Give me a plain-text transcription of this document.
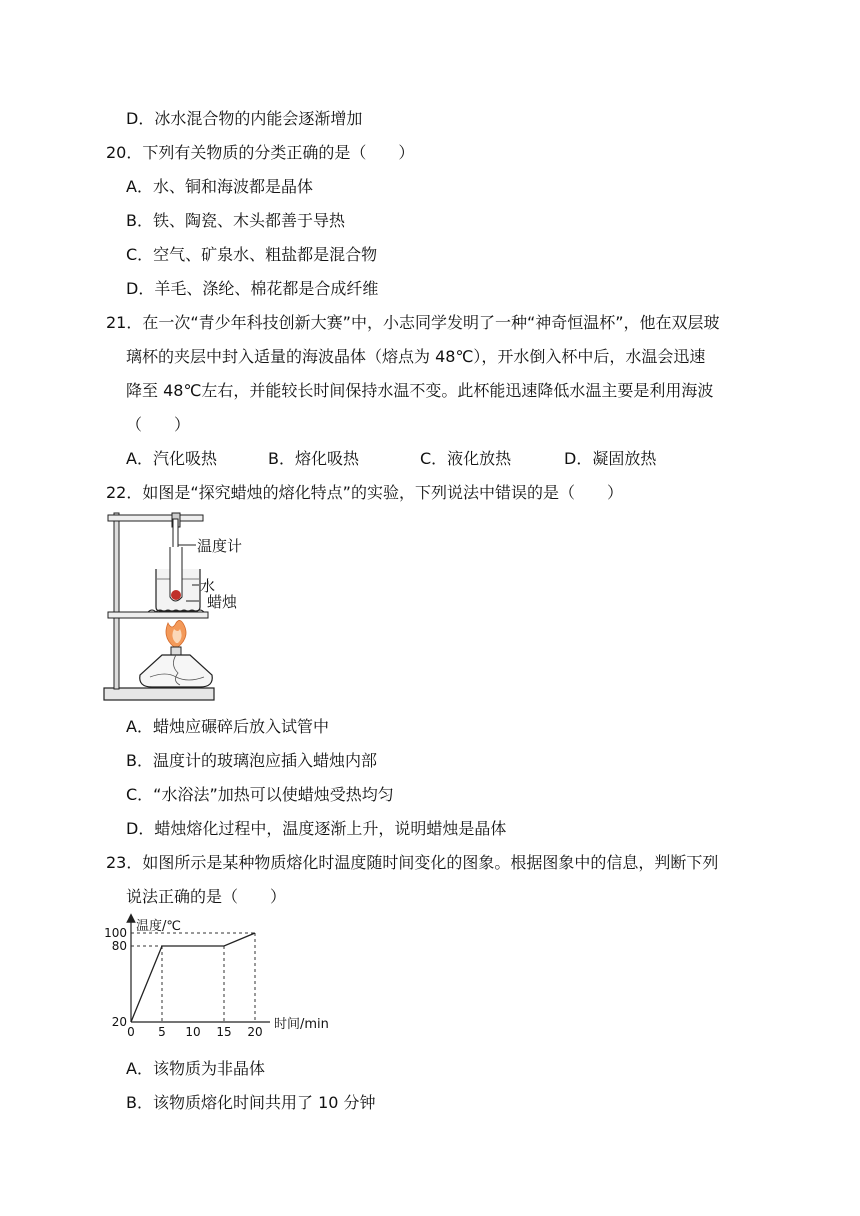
D．冰水混合物的内能会逐渐增加
20．下列有关物质的分类正确的是（　　）
A．水、铜和海波都是晶体
B．铁、陶瓷、木头都善于导热
C．空气、矿泉水、粗盐都是混合物
D．羊毛、涤纶、棉花都是合成纤维
21．在一次“青少年科技创新大赛”中，小志同学发明了一种“神奇恒温杯”，他在双层玻
璃杯的夹层中封入适量的海波晶体（熔点为 48℃），开水倒入杯中后，水温会迅速
降至 48℃左右，并能较长时间保持水温不变。此杯能迅速降低水温主要是利用海波
（　　）
A．汽化吸热	B．熔化吸热	C．液化放热	D．凝固放热
22．如图是“探究蜡烛的熔化特点”的实验，下列说法中错误的是（　　）
温度计
水
蜡烛
A．蜡烛应碾碎后放入试管中
B．温度计的玻璃泡应插入蜡烛内部
C．“水浴法”加热可以使蜡烛受热均匀
D．蜡烛熔化过程中，温度逐渐上升，说明蜡烛是晶体
23．如图所示是某种物质熔化时温度随时间变化的图象。根据图象中的信息，判断下列
说法正确的是（　　）
温度/℃
时间/min
0 5 10 15 20
20
80
100
A．该物质为非晶体
B．该物质熔化时间共用了 10 分钟
